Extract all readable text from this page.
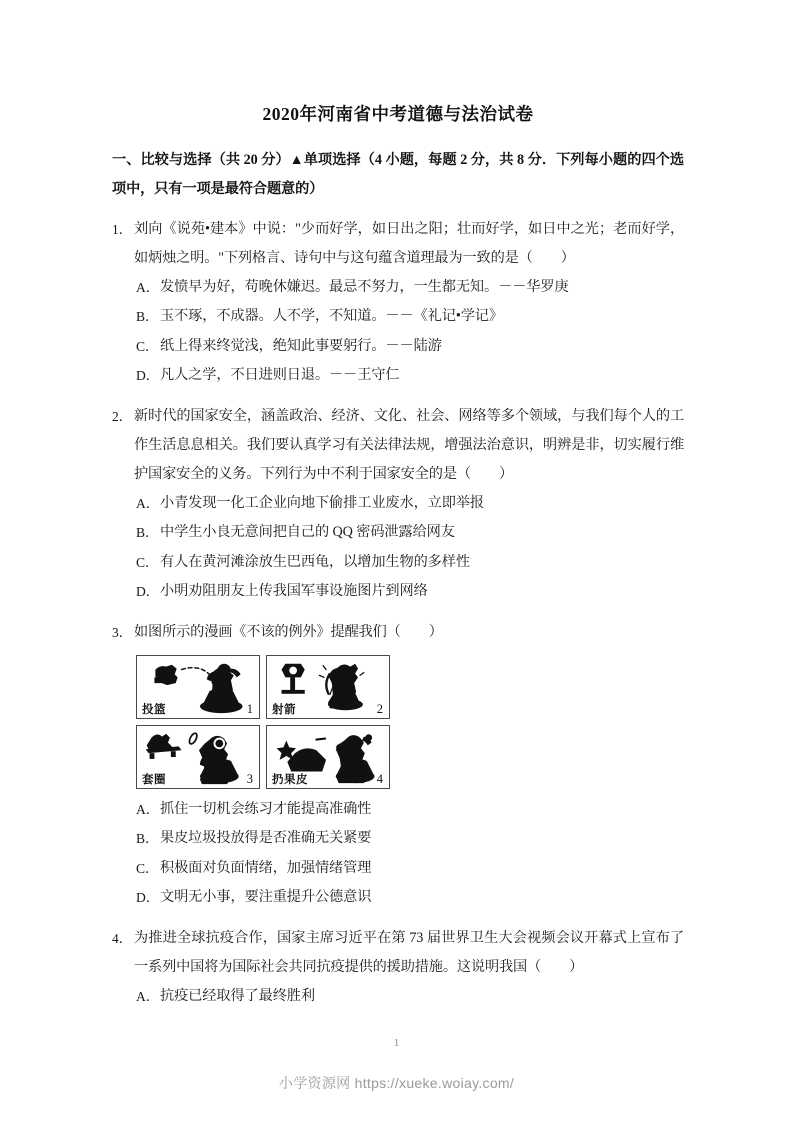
2020年河南省中考道德与法治试卷
一、比较与选择（共 20 分）▲单项选择（4 小题，每题 2 分，共 8 分．下列每小题的四个选项中，只有一项是最符合题意的）
1． 刘向《说苑•建本》中说："少而好学，如日出之阳；壮而好学，如日中之光；老而好学，如炳烛之明。"下列格言、诗句中与这句蕴含道理最为一致的是（　　）
A． 发愤早为好，苟晚休嫌迟。最忌不努力，一生都无知。－－华罗庚
B． 玉不琢，不成器。人不学，不知道。－－《礼记•学记》
C． 纸上得来终觉浅，绝知此事要躬行。－－陆游
D． 凡人之学，不日进则日退。－－王守仁
2． 新时代的国家安全，涵盖政治、经济、文化、社会、网络等多个领域，与我们每个人的工作生活息息相关。我们要认真学习有关法律法规，增强法治意识，明辨是非，切实履行维护国家安全的义务。下列行为中不利于国家安全的是（　　）
A． 小青发现一化工企业向地下偷排工业废水，立即举报
B． 中学生小良无意间把自己的 QQ 密码泄露给网友
C． 有人在黄河滩涂放生巴西龟，以增加生物的多样性
D． 小明劝阻朋友上传我国军事设施图片到网络
3． 如图所示的漫画《不该的例外》提醒我们（　　）
投篮	1 射箭	2
套圈	3 扔果皮	4
A． 抓住一切机会练习才能提高准确性
B． 果皮垃圾投放得是否准确无关紧要
C． 积极面对负面情绪，加强情绪管理
D． 文明无小事，要注重提升公德意识
4． 为推进全球抗疫合作，国家主席习近平在第 73 届世界卫生大会视频会议开幕式上宣布了一系列中国将为国际社会共同抗疫提供的援助措施。这说明我国（　　）
A． 抗疫已经取得了最终胜利
1
小学资源网 https://xueke.woiay.com/
